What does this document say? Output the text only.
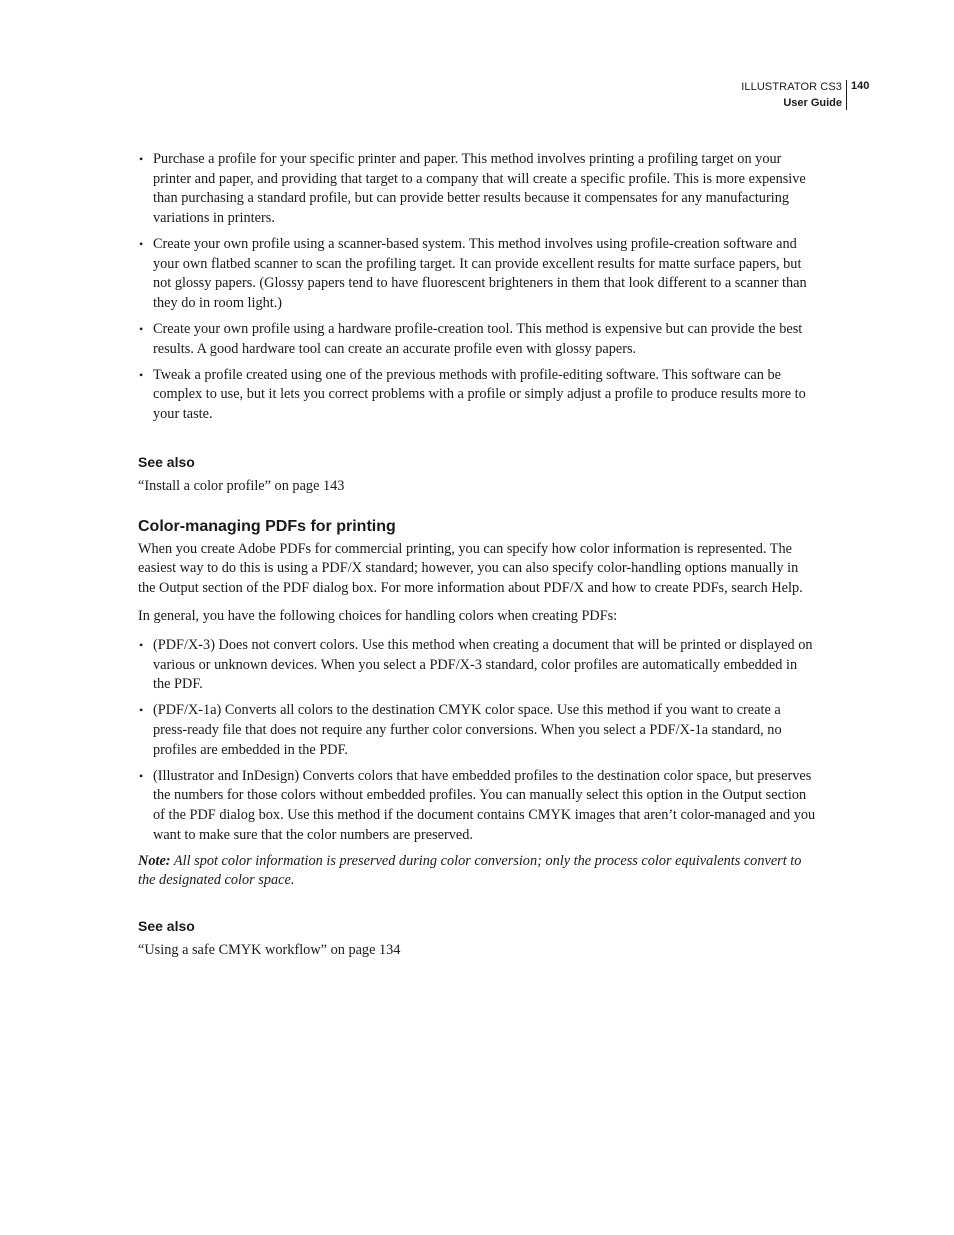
ILLUSTRATOR CS3
User Guide
140
• Purchase a profile for your specific printer and paper. This method involves printing a profiling target on your printer and paper, and providing that target to a company that will create a specific profile. This is more expensive than purchasing a standard profile, but can provide better results because it compensates for any manufacturing variations in printers.
• Create your own profile using a scanner-based system. This method involves using profile-creation software and your own flatbed scanner to scan the profiling target. It can provide excellent results for matte surface papers, but not glossy papers. (Glossy papers tend to have fluorescent brighteners in them that look different to a scanner than they do in room light.)
• Create your own profile using a hardware profile-creation tool. This method is expensive but can provide the best results. A good hardware tool can create an accurate profile even with glossy papers.
• Tweak a profile created using one of the previous methods with profile-editing software. This software can be complex to use, but it lets you correct problems with a profile or simply adjust a profile to produce results more to your taste.
See also

“Install a color profile” on page 143

Color-managing PDFs for printing

When you create Adobe PDFs for commercial printing, you can specify how color information is represented. The easiest way to do this is using a PDF/X standard; however, you can also specify color-handling options manually in the Output section of the PDF dialog box. For more information about PDF/X and how to create PDFs, search Help.

In general, you have the following choices for handling colors when creating PDFs:

• (PDF/X-3) Does not convert colors. Use this method when creating a document that will be printed or displayed on various or unknown devices. When you select a PDF/X-3 standard, color profiles are automatically embedded in the PDF.
• (PDF/X-1a) Converts all colors to the destination CMYK color space. Use this method if you want to create a press-ready file that does not require any further color conversions. When you select a PDF/X-1a standard, no profiles are embedded in the PDF.
• (Illustrator and InDesign) Converts colors that have embedded profiles to the destination color space, but preserves the numbers for those colors without embedded profiles. You can manually select this option in the Output section of the PDF dialog box. Use this method if the document contains CMYK images that aren’t color-managed and you want to make sure that the color numbers are preserved.

Note: All spot color information is preserved during color conversion; only the process color equivalents convert to the designated color space.

See also

“Using a safe CMYK workflow” on page 134
